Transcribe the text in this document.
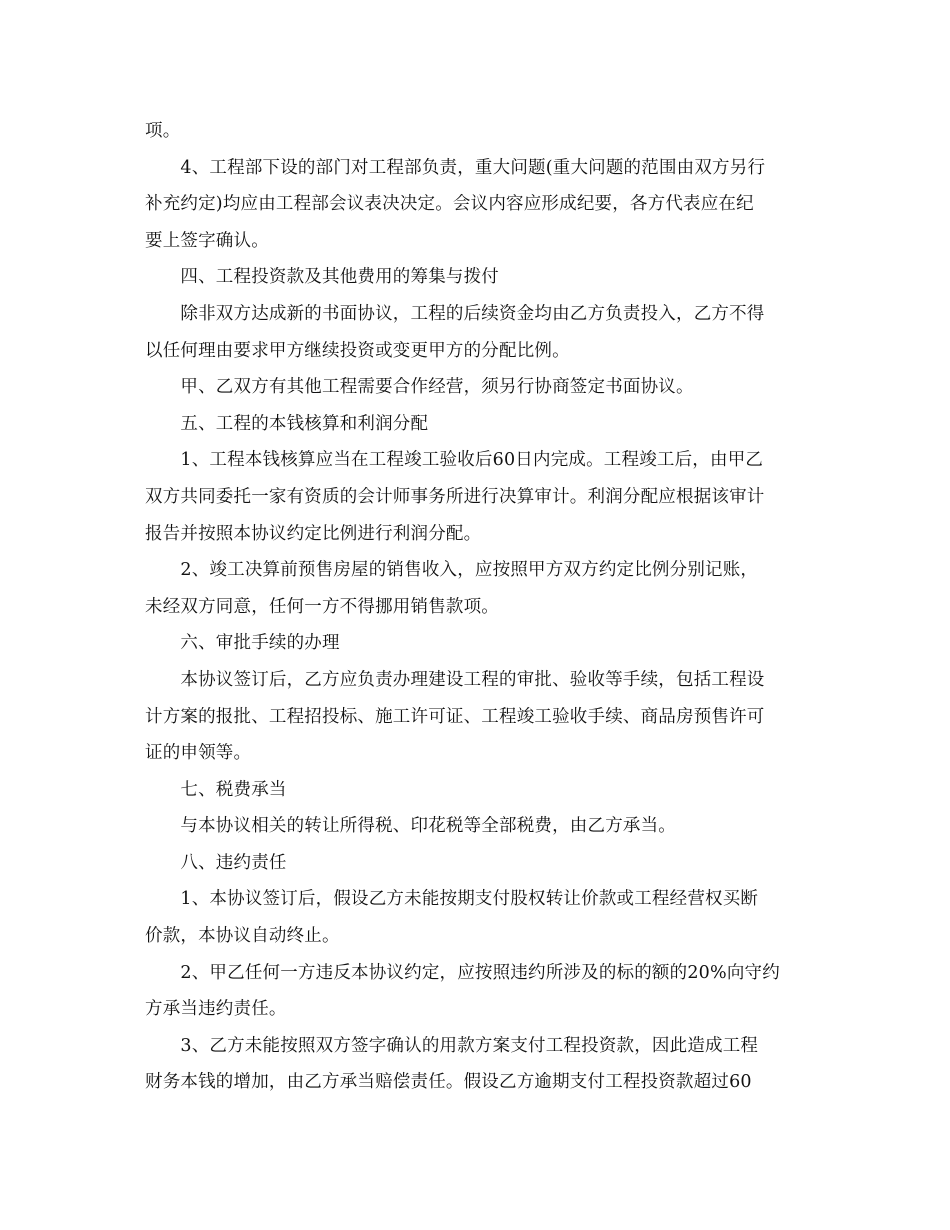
项。
　　4、工程部下设的部门对工程部负责，重大问题(重大问题的范围由双方另行
补充约定)均应由工程部会议表决决定。会议内容应形成纪要，各方代表应在纪
要上签字确认。
　　四、工程投资款及其他费用的筹集与拨付
　　除非双方达成新的书面协议，工程的后续资金均由乙方负责投入，乙方不得
以任何理由要求甲方继续投资或变更甲方的分配比例。
　　甲、乙双方有其他工程需要合作经营，须另行协商签定书面协议。
　　五、工程的本钱核算和利润分配
　　1、工程本钱核算应当在工程竣工验收后60日内完成。工程竣工后，由甲乙
双方共同委托一家有资质的会计师事务所进行决算审计。利润分配应根据该审计
报告并按照本协议约定比例进行利润分配。
　　2、竣工决算前预售房屋的销售收入，应按照甲方双方约定比例分别记账，
未经双方同意，任何一方不得挪用销售款项。
　　六、审批手续的办理
　　本协议签订后，乙方应负责办理建设工程的审批、验收等手续，包括工程设
计方案的报批、工程招投标、施工许可证、工程竣工验收手续、商品房预售许可
证的申领等。
　　七、税费承当
　　与本协议相关的转让所得税、印花税等全部税费，由乙方承当。
　　八、违约责任
　　1、本协议签订后，假设乙方未能按期支付股权转让价款或工程经营权买断
价款，本协议自动终止。
　　2、甲乙任何一方违反本协议约定，应按照违约所涉及的标的额的20%向守约
方承当违约责任。
　　3、乙方未能按照双方签字确认的用款方案支付工程投资款，因此造成工程
财务本钱的增加，由乙方承当赔偿责任。假设乙方逾期支付工程投资款超过60
